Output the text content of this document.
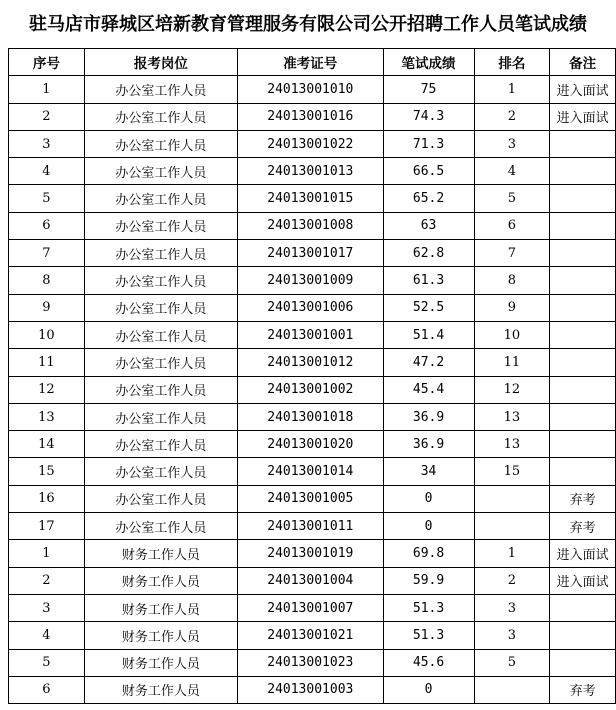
驻马店市驿城区培新教育管理服务有限公司公开招聘工作人员笔试成绩
序号	报考岗位	准考证号	笔试成绩	排名	备注
1	办公室工作人员	24013001010	75	1	进入面试
2	办公室工作人员	24013001016	74.3	2	进入面试
3	办公室工作人员	24013001022	71.3	3	
4	办公室工作人员	24013001013	66.5	4	
5	办公室工作人员	24013001015	65.2	5	
6	办公室工作人员	24013001008	63	6	
7	办公室工作人员	24013001017	62.8	7	
8	办公室工作人员	24013001009	61.3	8	
9	办公室工作人员	24013001006	52.5	9	
10	办公室工作人员	24013001001	51.4	10	
11	办公室工作人员	24013001012	47.2	11	
12	办公室工作人员	24013001002	45.4	12	
13	办公室工作人员	24013001018	36.9	13	
14	办公室工作人员	24013001020	36.9	13	
15	办公室工作人员	24013001014	34	15	
16	办公室工作人员	24013001005	0		弃考
17	办公室工作人员	24013001011	0		弃考
1	财务工作人员	24013001019	69.8	1	进入面试
2	财务工作人员	24013001004	59.9	2	进入面试
3	财务工作人员	24013001007	51.3	3	
4	财务工作人员	24013001021	51.3	3	
5	财务工作人员	24013001023	45.6	5	
6	财务工作人员	24013001003	0		弃考
